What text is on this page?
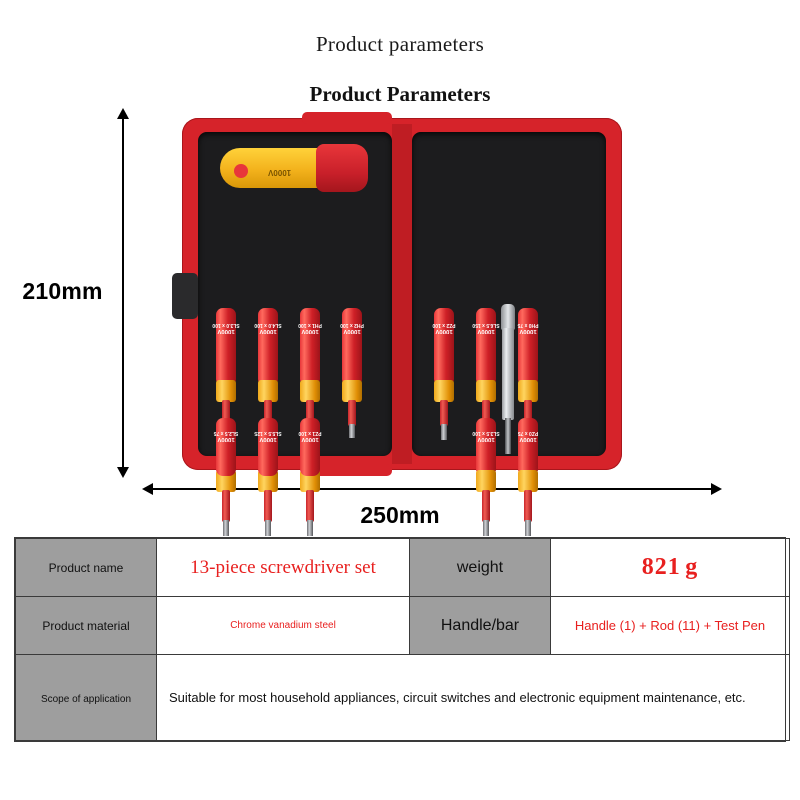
Product parameters
Product Parameters
210mm
250mm
1000V
1000V
SL3.0 x 100
1000V
SL4.0 x 100
1000V
PH1 x 100
1000V
PH2 x 100
1000V
SL2.5 x 75
1000V
SL5.5 x 125
1000V
PZ1 x 100
1000V
PZ2 x 100
1000V
SL6.5 x 150
1000V
PH0 x 75
1000V
SL3.5 x 100
1000V
PZ0 x 75
Product name	13-piece screwdriver set	weight	821 g
Product material	Chrome vanadium steel	Handle/bar	Handle (1) + Rod (11) + Test Pen

Scope of application	Suitable for most household appliances, circuit switches and electronic equipment maintenance, etc.		
